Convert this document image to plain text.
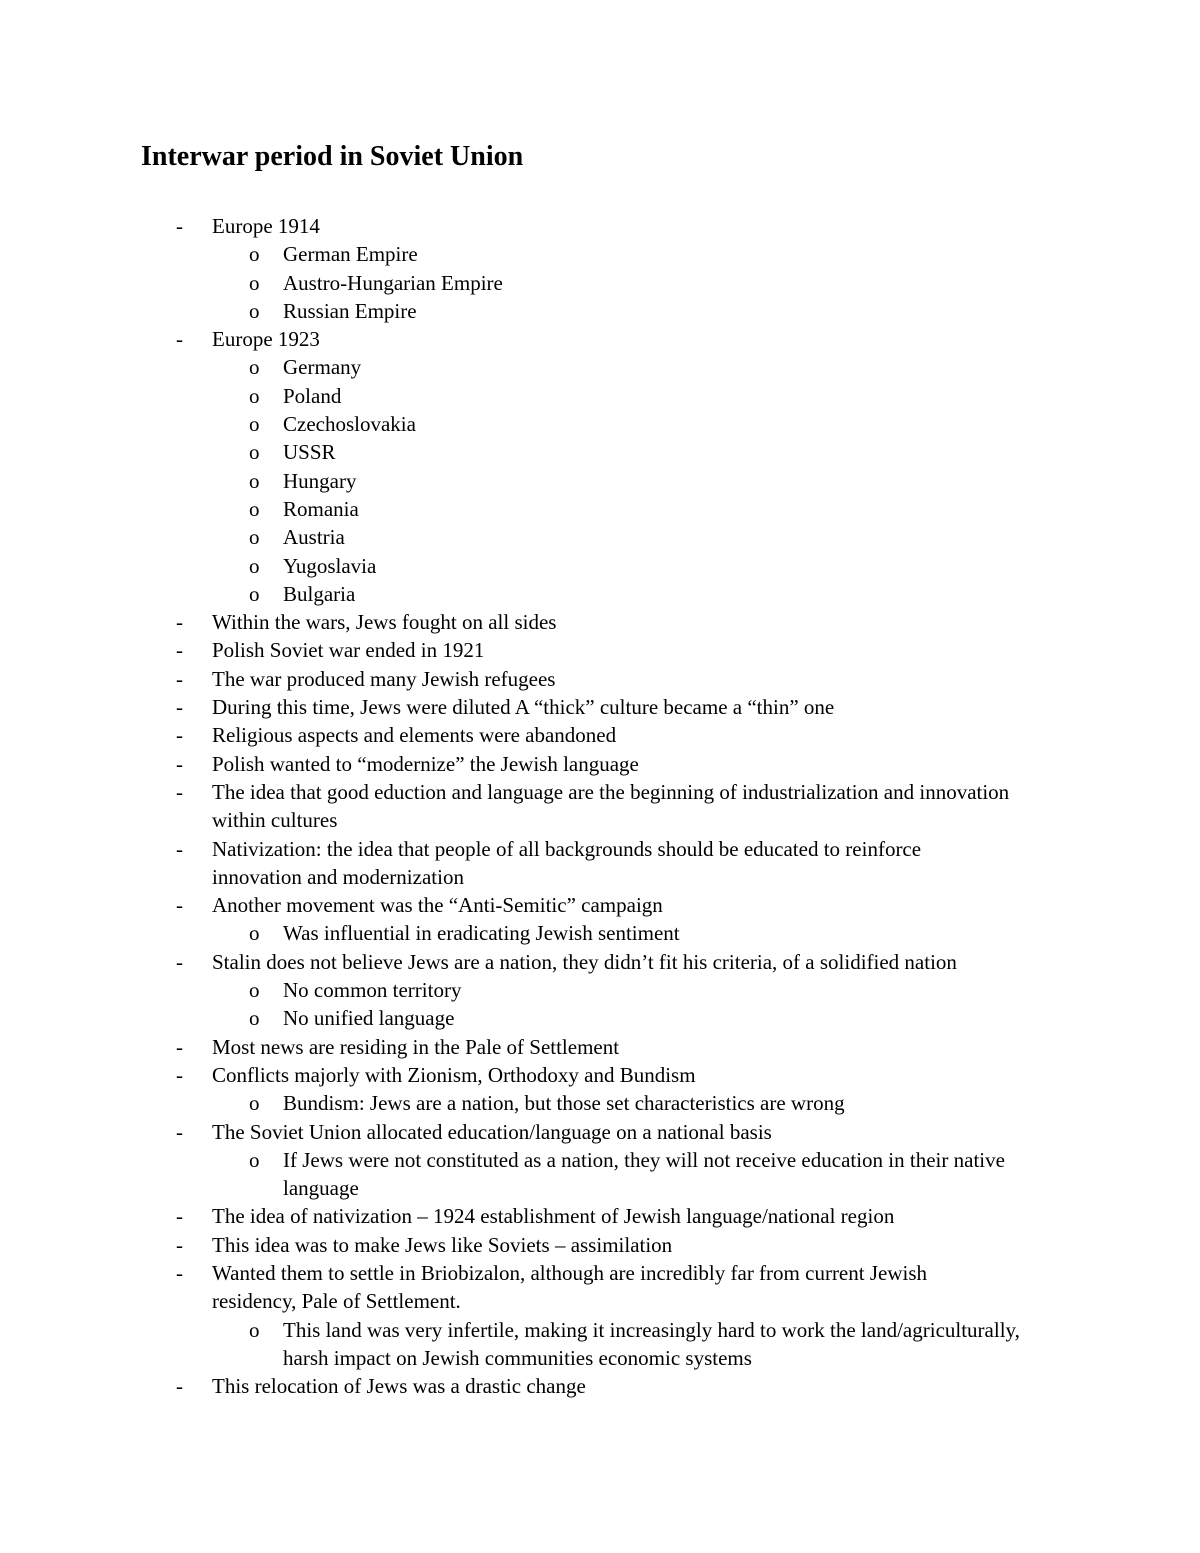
Interwar period in Soviet Union
- Europe 1914
o German Empire
o Austro-Hungarian Empire
o Russian Empire
- Europe 1923
o Germany
o Poland
o Czechoslovakia
o USSR
o Hungary
o Romania
o Austria
o Yugoslavia
o Bulgaria
- Within the wars, Jews fought on all sides
- Polish Soviet war ended in 1921
- The war produced many Jewish refugees
- During this time, Jews were diluted A “thick” culture became a “thin” one
- Religious aspects and elements were abandoned
- Polish wanted to “modernize” the Jewish language
- The idea that good eduction and language are the beginning of industrialization and innovation within cultures
- Nativization: the idea that people of all backgrounds should be educated to reinforce innovation and modernization
- Another movement was the “Anti-Semitic” campaign
o Was influential in eradicating Jewish sentiment
- Stalin does not believe Jews are a nation, they didn’t fit his criteria, of a solidified nation
o No common territory
o No unified language
- Most news are residing in the Pale of Settlement
- Conflicts majorly with Zionism, Orthodoxy and Bundism
o Bundism: Jews are a nation, but those set characteristics are wrong
- The Soviet Union allocated education/language on a national basis
o If Jews were not constituted as a nation, they will not receive education in their native language
- The idea of nativization – 1924 establishment of Jewish language/national region
- This idea was to make Jews like Soviets – assimilation
- Wanted them to settle in Briobizalon, although are incredibly far from current Jewish residency, Pale of Settlement.
o This land was very infertile, making it increasingly hard to work the land/agriculturally, harsh impact on Jewish communities economic systems
- This relocation of Jews was a drastic change
